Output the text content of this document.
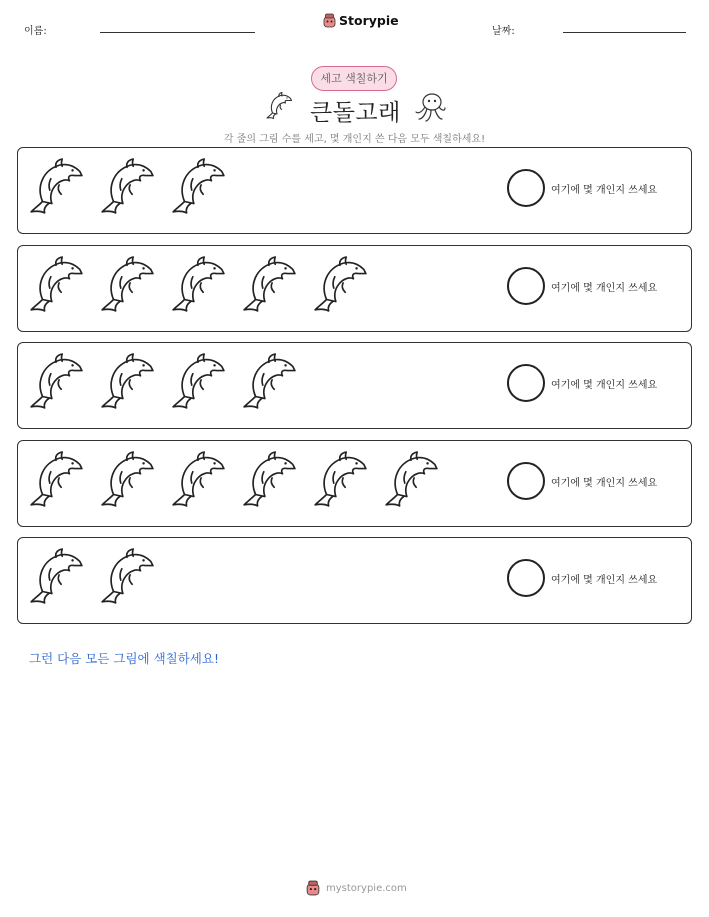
이름:
Storypie
날짜:
세고 색칠하기
큰돌고래
각 줄의 그림 수를 세고, 몇 개인지 쓴 다음 모두 색칠하세요!
여기에 몇 개인지 쓰세요
여기에 몇 개인지 쓰세요
여기에 몇 개인지 쓰세요
여기에 몇 개인지 쓰세요
여기에 몇 개인지 쓰세요
그런 다음 모든 그림에 색칠하세요!
mystorypie.com
